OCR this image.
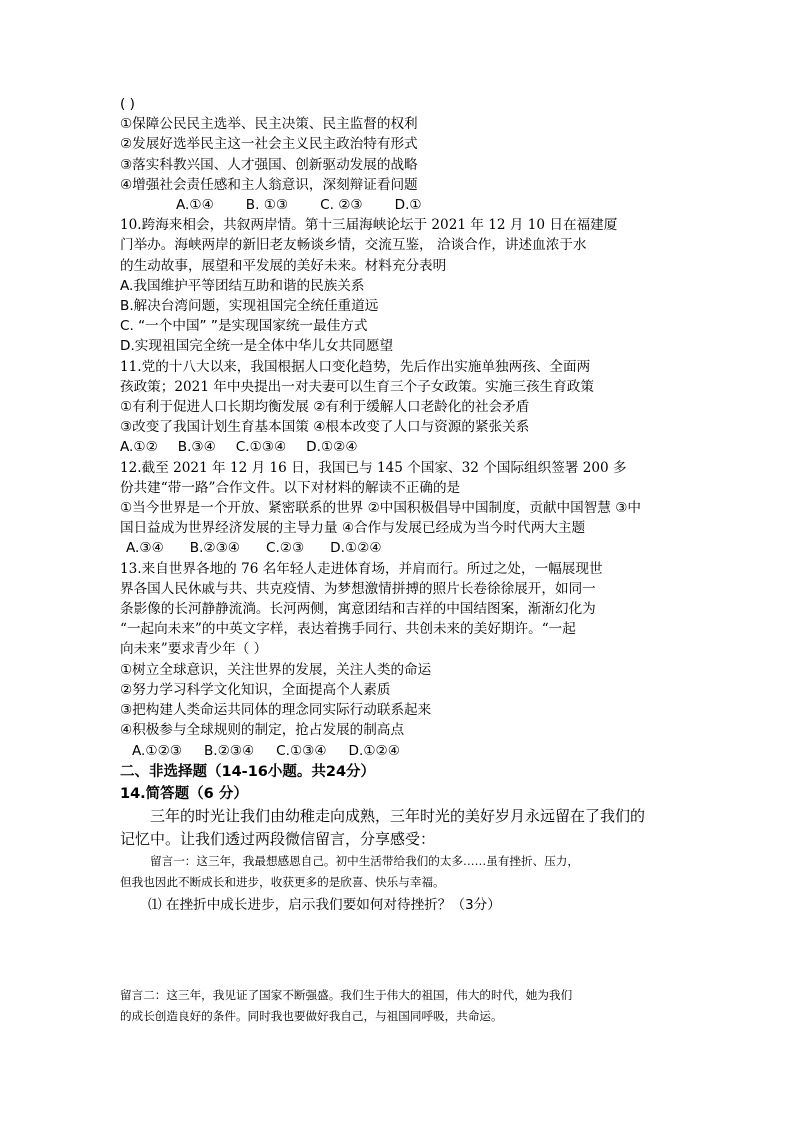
( )
①保障公民民主选举、民主决策、民主监督的权利
②发展好选举民主这一社会主义民主政治特有形式
③落实科教兴国、人才强国、创新驱动发展的战略
④增强社会责任感和主人翁意识，深刻辩证看问题
A.①④ B. ①③ C. ②③ D.①
10.跨海来相会，共叙两岸情。第十三届海峡论坛于 2021 年 12 月 10 日在福建厦
门举办。海峡两岸的新旧老友畅谈乡情，交流互鉴， 洽谈合作，讲述血浓于水
的生动故事，展望和平发展的美好未来。材料充分表明
A.我国维护平等团结互助和谐的民族关系
B.解决台湾问题，实现祖国完全统任重道远
C. “一个中国” ”是实现国家统一最佳方式
D.实现祖国完全统一是全体中华儿女共同愿望
11.党的十八大以来，我国根据人口变化趋势，先后作出实施单独两孩、全面两
孩政策；2021 年中央提出一对夫妻可以生育三个子女政策。实施三孩生育政策
①有利于促进人口长期均衡发展 ②有利于缓解人口老龄化的社会矛盾
③改变了我国计划生育基本国策 ④根本改变了人口与资源的紧张关系
A.①② B.③④ C.①③④ D.①②④
12.截至 2021 年 12 月 16 日，我国已与 145 个国家、32 个国际组织签署 200 多
份共建“带一路”合作文件。以下对材料的解读不正确的是
①当今世界是一个开放、紧密联系的世界 ②中国积极倡导中国制度，贡献中国智慧 ③中
国日益成为世界经济发展的主导力量 ④合作与发展已经成为当今时代两大主题
A.③④ B.②③④ C.②③ D.①②④
13.来自世界各地的 76 名年轻人走进体育场，并肩而行。所过之处，一幅展现世
界各国人民休戚与共、共克疫情、为梦想激情拼搏的照片长卷徐徐展开，如同一
条影像的长河静静流淌。长河两侧，寓意团结和吉祥的中国结图案，渐渐幻化为
“一起向未来”的中英文字样，表达着携手同行、共创未来的美好期许。“一起
向未来”要求青少年（ ）
①树立全球意识，关注世界的发展，关注人类的命运
②努力学习科学文化知识，全面提高个人素质
③把构建人类命运共同体的理念同实际行动联系起来
④积极参与全球规则的制定，抢占发展的制高点
A.①②③ B.②③④ C.①③④ D.①②④
二、非选择题（14-16小题。共24分）
14.简答题（6 分）
三年的时光让我们由幼稚走向成熟，三年时光的美好岁月永远留在了我们的
记忆中。让我们透过两段微信留言，分享感受：
留言一：这三年，我最想感恩自己。初中生活带给我们的太多……虽有挫折、压力，
但我也因此不断成长和进步，收获更多的是欣喜、快乐与幸福。
⑴ 在挫折中成长进步，启示我们要如何对待挫折？（3分）
留言二：这三年，我见证了国家不断强盛。我们生于伟大的祖国，伟大的时代，她为我们
的成长创造良好的条件。同时我也要做好我自己，与祖国同呼吸，共命运。
